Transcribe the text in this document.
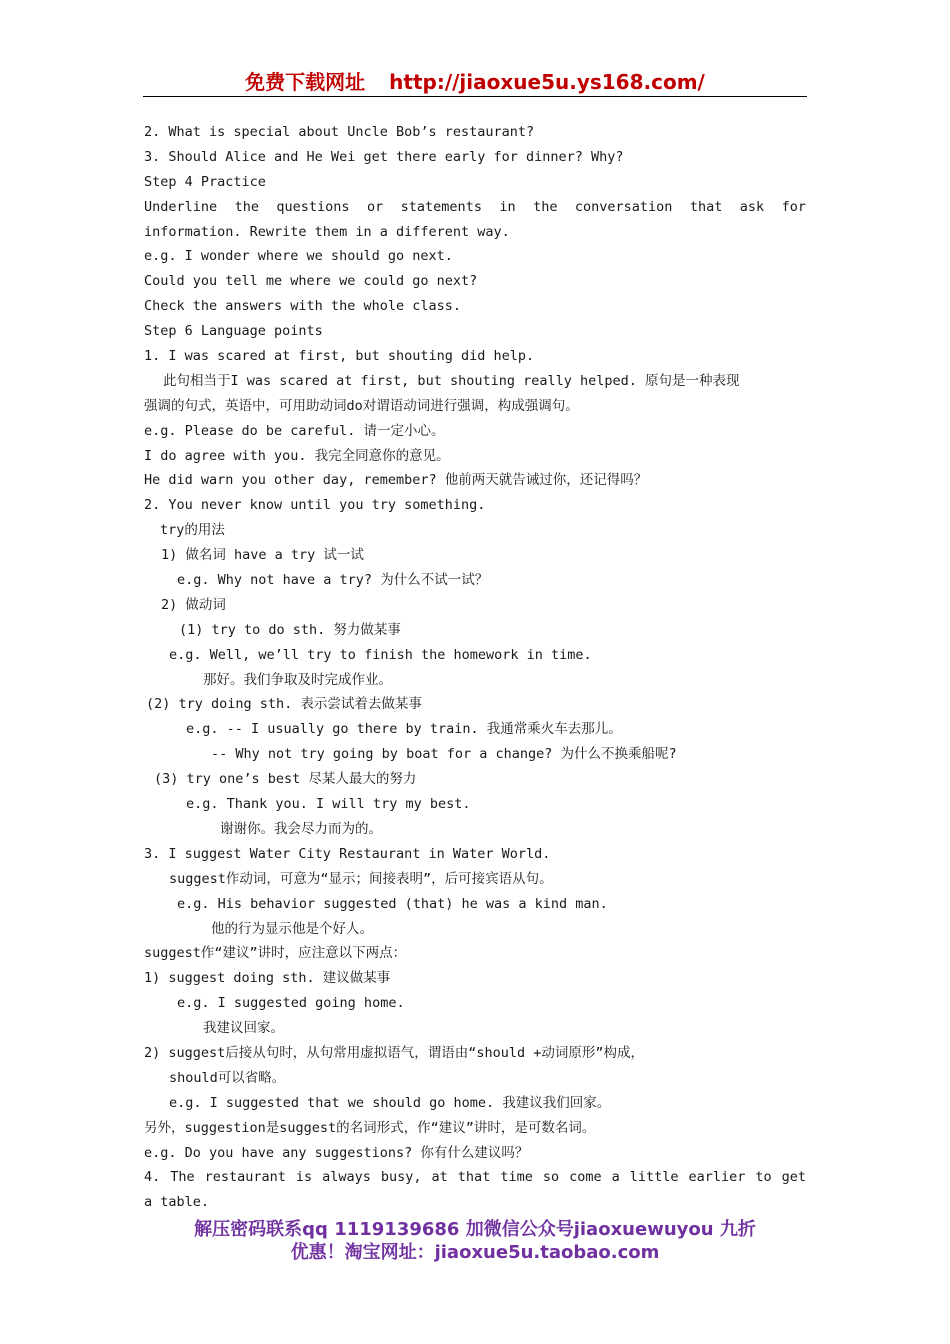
免费下载网址 http://jiaoxue5u.ys168.com/
2. What is special about Uncle Bob’s restaurant?
3. Should Alice and He Wei get there early for dinner? Why?
Step 4 Practice
Underline the questions or statements in the conversation that ask for
information. Rewrite them in a different way.
e.g. I wonder where we should go next.
Could you tell me where we could go next?
Check the answers with the whole class.
Step 6 Language points
1. I was scared at first, but shouting did help.
此句相当于I was scared at first, but shouting really helped. 原句是一种表现
强调的句式，英语中，可用助动词do对谓语动词进行强调，构成强调句。
e.g. Please do be careful. 请一定小心。
I do agree with you. 我完全同意你的意见。
He did warn you other day, remember? 他前两天就告诫过你，还记得吗？
2. You never know until you try something.
try的用法
1) 做名词 have a try 试一试
e.g. Why not have a try? 为什么不试一试？
2) 做动词
(1) try to do sth. 努力做某事
e.g. Well, we’ll try to finish the homework in time.
那好。我们争取及时完成作业。
(2) try doing sth. 表示尝试着去做某事
e.g. -- I usually go there by train. 我通常乘火车去那儿。
-- Why not try going by boat for a change? 为什么不换乘船呢?
(3) try one’s best 尽某人最大的努力
e.g. Thank you. I will try my best.
谢谢你。我会尽力而为的。
3. I suggest Water City Restaurant in Water World.
suggest作动词，可意为“显示；间接表明”，后可接宾语从句。
e.g. His behavior suggested (that) he was a kind man.
他的行为显示他是个好人。
suggest作“建议”讲时，应注意以下两点：
1) suggest doing sth. 建议做某事
e.g. I suggested going home.
我建议回家。
2) suggest后接从句时，从句常用虚拟语气，谓语由“should +动词原形”构成，
should可以省略。
e.g. I suggested that we should go home. 我建议我们回家。
另外，suggestion是suggest的名词形式，作“建议”讲时，是可数名词。
e.g. Do you have any suggestions? 你有什么建议吗？
4. The restaurant is always busy, at that time so come a little earlier to get
a table.
解压密码联系qq 1119139686 加微信公众号jiaoxuewuyou 九折
优惠！淘宝网址：jiaoxue5u.taobao.com
